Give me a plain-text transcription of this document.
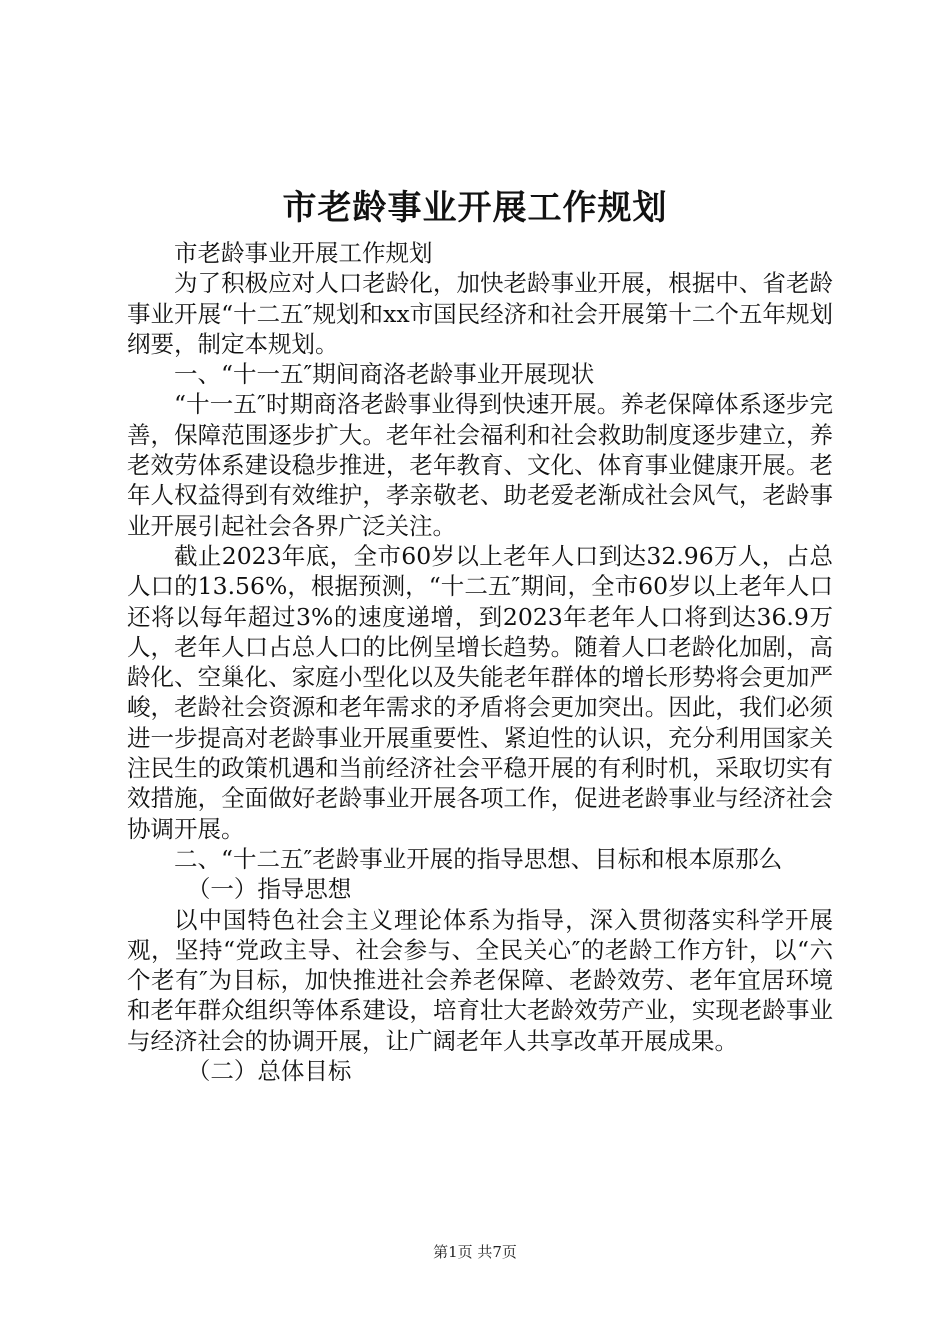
市老龄事业开展工作规划

市老龄事业开展工作规划

为了积极应对人口老龄化，加快老龄事业开展，根据中、省老龄事业开展“十二五″规划和xx市国民经济和社会开展第十二个五年规划纲要，制定本规划。

一、“十一五″期间商洛老龄事业开展现状

“十一五″时期商洛老龄事业得到快速开展。养老保障体系逐步完善，保障范围逐步扩大。老年社会福利和社会救助制度逐步建立，养老效劳体系建设稳步推进，老年教育、文化、体育事业健康开展。老年人权益得到有效维护，孝亲敬老、助老爱老渐成社会风气，老龄事业开展引起社会各界广泛关注。

截止2023年底，全市60岁以上老年人口到达32.96万人，占总人口的13.56%，根据预测，“十二五″期间，全市60岁以上老年人口还将以每年超过3%的速度递增，到2023年老年人口将到达36.9万人，老年人口占总人口的比例呈增长趋势。随着人口老龄化加剧，高龄化、空巢化、家庭小型化以及失能老年群体的增长形势将会更加严峻，老龄社会资源和老年需求的矛盾将会更加突出。因此，我们必须进一步提高对老龄事业开展重要性、紧迫性的认识，充分利用国家关注民生的政策机遇和当前经济社会平稳开展的有利时机，采取切实有效措施，全面做好老龄事业开展各项工作，促进老龄事业与经济社会协调开展。

二、“十二五″老龄事业开展的指导思想、目标和根本原那么

（一）指导思想

以中国特色社会主义理论体系为指导，深入贯彻落实科学开展观，坚持“党政主导、社会参与、全民关心″的老龄工作方针，以“六个老有″为目标，加快推进社会养老保障、老龄效劳、老年宜居环境和老年群众组织等体系建设，培育壮大老龄效劳产业，实现老龄事业与经济社会的协调开展，让广阔老年人共享改革开展成果。

（二）总体目标

第1页 共7页
